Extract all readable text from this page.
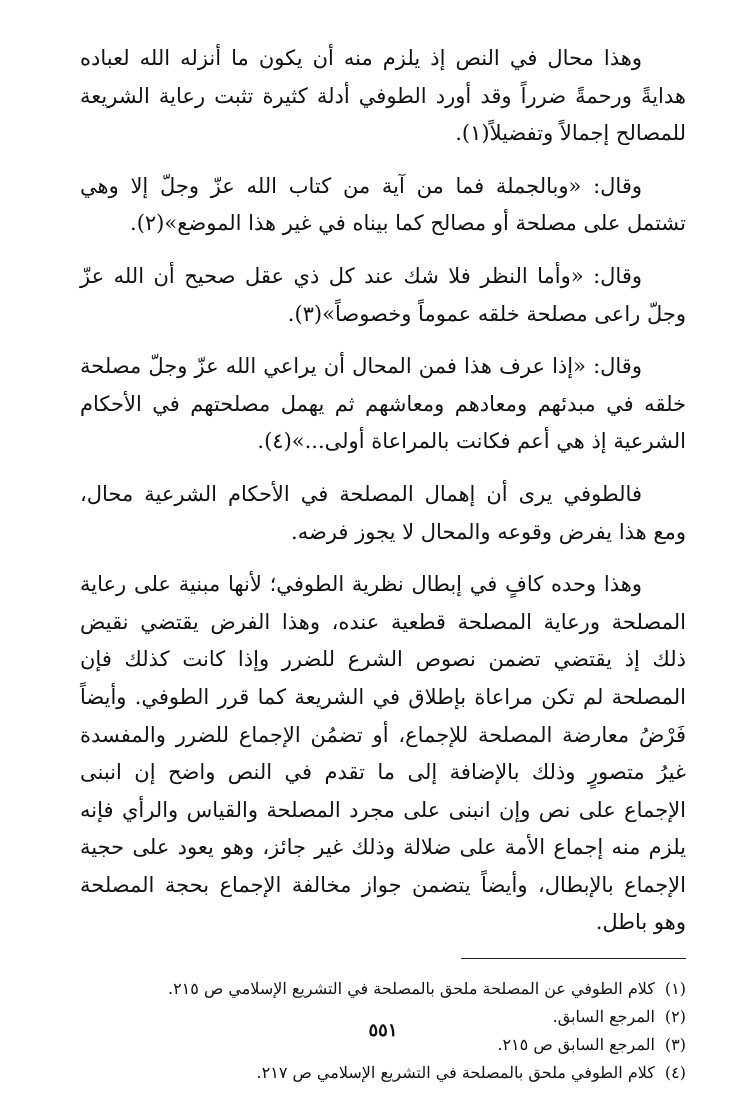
وهذا محال في النص إذ يلزم منه أن يكون ما أنزله الله لعباده هدايةً ورحمةً ضرراً وقد أورد الطوفي أدلة كثيرة تثبت رعاية الشريعة للمصالح إجمالاً وتفضيلاً(١).

وقال: «وبالجملة فما من آية من كتاب الله عزّ وجلّ إلا وهي تشتمل على مصلحة أو مصالح كما بيناه في غير هذا الموضع»(٢).

وقال: «وأما النظر فلا شك عند كل ذي عقل صحيح أن الله عزّ وجلّ راعى مصلحة خلقه عموماً وخصوصاً»(٣).

وقال: «إذا عرف هذا فمن المحال أن يراعي الله عزّ وجلّ مصلحة خلقه في مبدئهم ومعادهم ومعاشهم ثم يهمل مصلحتهم في الأحكام الشرعية إذ هي أعم فكانت بالمراعاة أولى...»(٤).

فالطوفي يرى أن إهمال المصلحة في الأحكام الشرعية محال، ومع هذا يفرض وقوعه والمحال لا يجوز فرضه.

وهذا وحده كافٍ في إبطال نظرية الطوفي؛ لأنها مبنية على رعاية المصلحة ورعاية المصلحة قطعية عنده، وهذا الفرض يقتضي نقيض ذلك إذ يقتضي تضمن نصوص الشرع للضرر وإذا كانت كذلك فإن المصلحة لم تكن مراعاة بإطلاق في الشريعة كما قرر الطوفي. وأيضاً فَرْضُ معارضة المصلحة للإجماع، أو تضمُن الإجماع للضرر والمفسدة غيرُ متصورٍ وذلك بالإضافة إلى ما تقدم في النص واضح إن انبنى الإجماع على نص وإن انبنى على مجرد المصلحة والقياس والرأي فإنه يلزم منه إجماع الأمة على ضلالة وذلك غير جائز، وهو يعود على حجية الإجماع بالإبطال، وأيضاً يتضمن جواز مخالفة الإجماع بحجة المصلحة وهو باطل.

(١)
كلام الطوفي عن المصلحة ملحق بالمصلحة في التشريع الإسلامي ص ٢١٥.
(٢)
المرجع السابق.
(٣)
المرجع السابق ص ٢١٥.
(٤)
كلام الطوفي ملحق بالمصلحة في التشريع الإسلامي ص ٢١٧.
٥٥١
